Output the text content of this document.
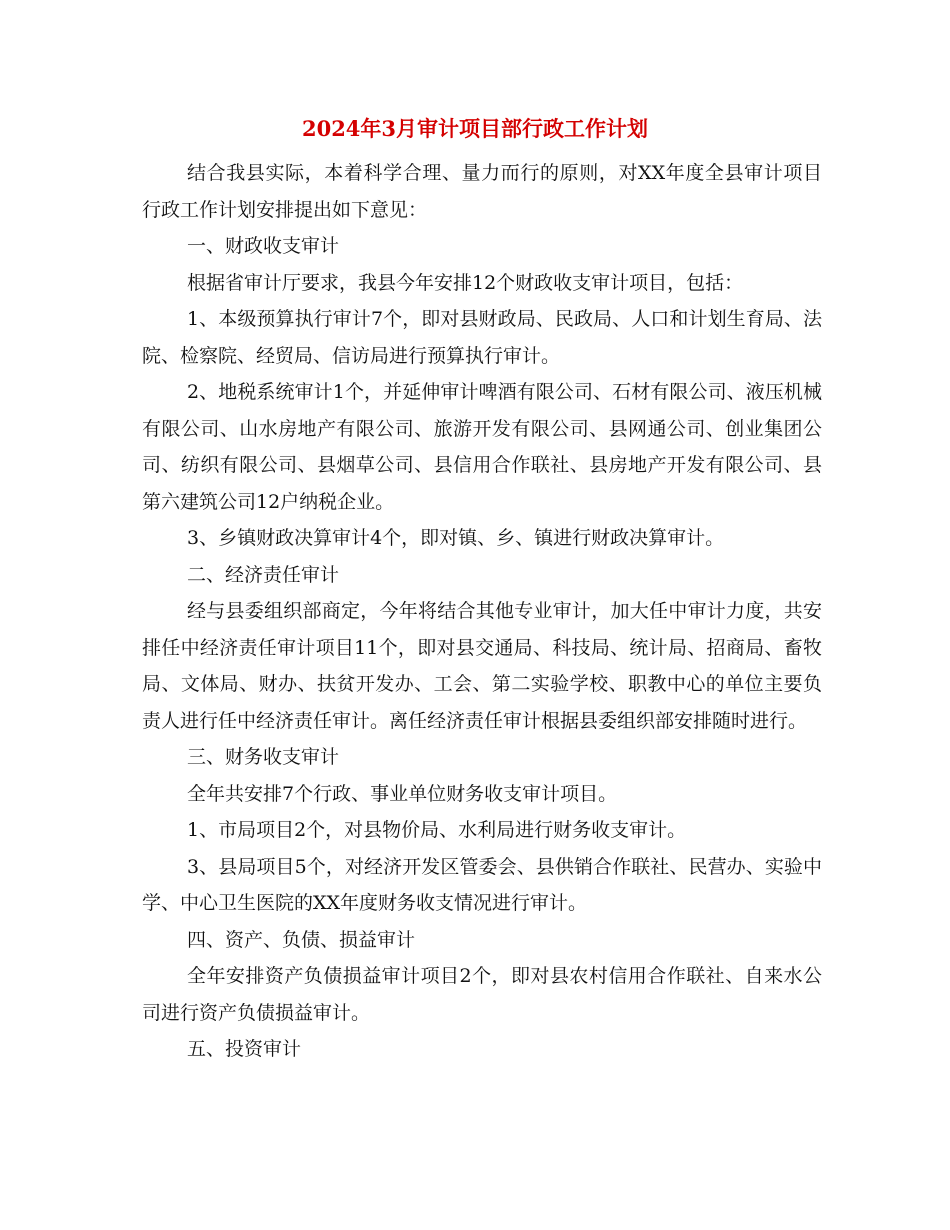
2024年3月审计项目部行政工作计划

结合我县实际，本着科学合理、量力而行的原则，对XX年度全县审计项目行政工作计划安排提出如下意见：

一、财政收支审计

根据省审计厅要求，我县今年安排12个财政收支审计项目，包括：

1、本级预算执行审计7个，即对县财政局、民政局、人口和计划生育局、法院、检察院、经贸局、信访局进行预算执行审计。

2、地税系统审计1个，并延伸审计啤酒有限公司、石材有限公司、液压机械有限公司、山水房地产有限公司、旅游开发有限公司、县网通公司、创业集团公司、纺织有限公司、县烟草公司、县信用合作联社、县房地产开发有限公司、县第六建筑公司12户纳税企业。

3、乡镇财政决算审计4个，即对镇、乡、镇进行财政决算审计。

二、经济责任审计

经与县委组织部商定，今年将结合其他专业审计，加大任中审计力度，共安排任中经济责任审计项目11个，即对县交通局、科技局、统计局、招商局、畜牧局、文体局、财办、扶贫开发办、工会、第二实验学校、职教中心的单位主要负责人进行任中经济责任审计。离任经济责任审计根据县委组织部安排随时进行。

三、财务收支审计

全年共安排7个行政、事业单位财务收支审计项目。

1、市局项目2个，对县物价局、水利局进行财务收支审计。

3、县局项目5个，对经济开发区管委会、县供销合作联社、民营办、实验中学、中心卫生医院的XX年度财务收支情况进行审计。

四、资产、负债、损益审计

全年安排资产负债损益审计项目2个，即对县农村信用合作联社、自来水公司进行资产负债损益审计。

五、投资审计
